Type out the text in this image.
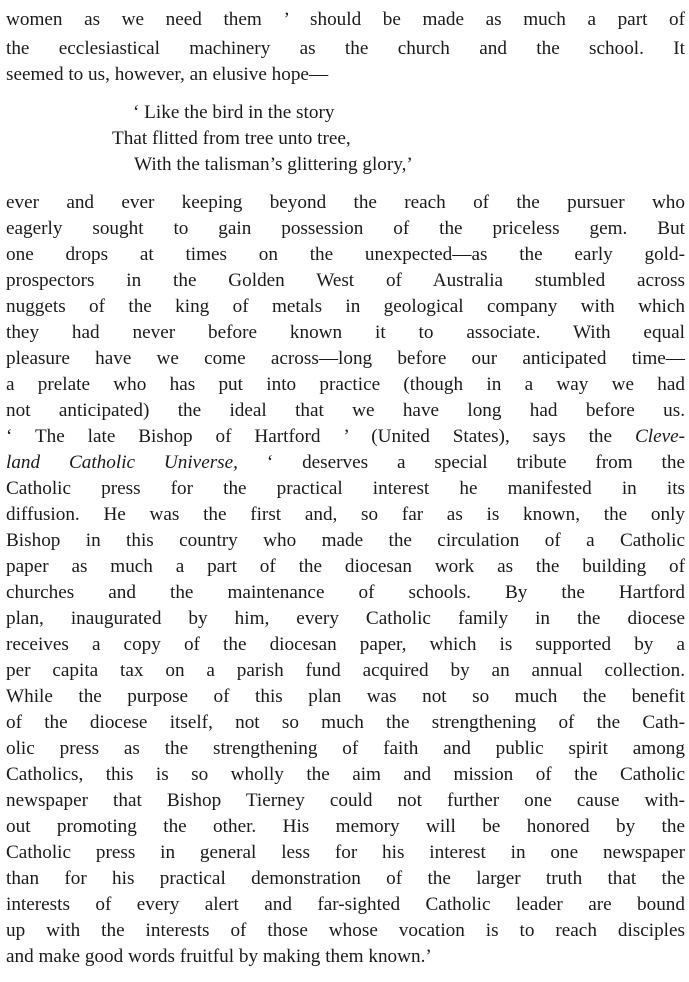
women as we need them ’ should be made as much a part of
the ecclesiastical machinery as the church and the school. It
seemed to us, however, an elusive hope—
‘ Like the bird in the story
That flitted from tree unto tree,
With the talisman’s glittering glory,’
ever and ever keeping beyond the reach of the pursuer who
eagerly sought to gain possession of the priceless gem. But
one drops at times on the unexpected—as the early gold-
prospectors in the Golden West of Australia stumbled across
nuggets of the king of metals in geological company with which
they had never before known it to associate. With equal
pleasure have we come across—long before our anticipated time—
a prelate who has put into practice (though in a way we had
not anticipated) the ideal that we have long had before us.
‘ The late Bishop of Hartford ’ (United States), says the Cleve-
land Catholic Universe, ‘ deserves a special tribute from the
Catholic press for the practical interest he manifested in its
diffusion. He was the first and, so far as is known, the only
Bishop in this country who made the circulation of a Catholic
paper as much a part of the diocesan work as the building of
churches and the maintenance of schools. By the Hartford
plan, inaugurated by him, every Catholic family in the diocese
receives a copy of the diocesan paper, which is supported by a
per capita tax on a parish fund acquired by an annual collection.
While the purpose of this plan was not so much the benefit
of the diocese itself, not so much the strengthening of the Cath-
olic press as the strengthening of faith and public spirit among
Catholics, this is so wholly the aim and mission of the Catholic
newspaper that Bishop Tierney could not further one cause with-
out promoting the other. His memory will be honored by the
Catholic press in general less for his interest in one newspaper
than for his practical demonstration of the larger truth that the
interests of every alert and far-sighted Catholic leader are bound
up with the interests of those whose vocation is to reach disciples
and make good words fruitful by making them known.’
